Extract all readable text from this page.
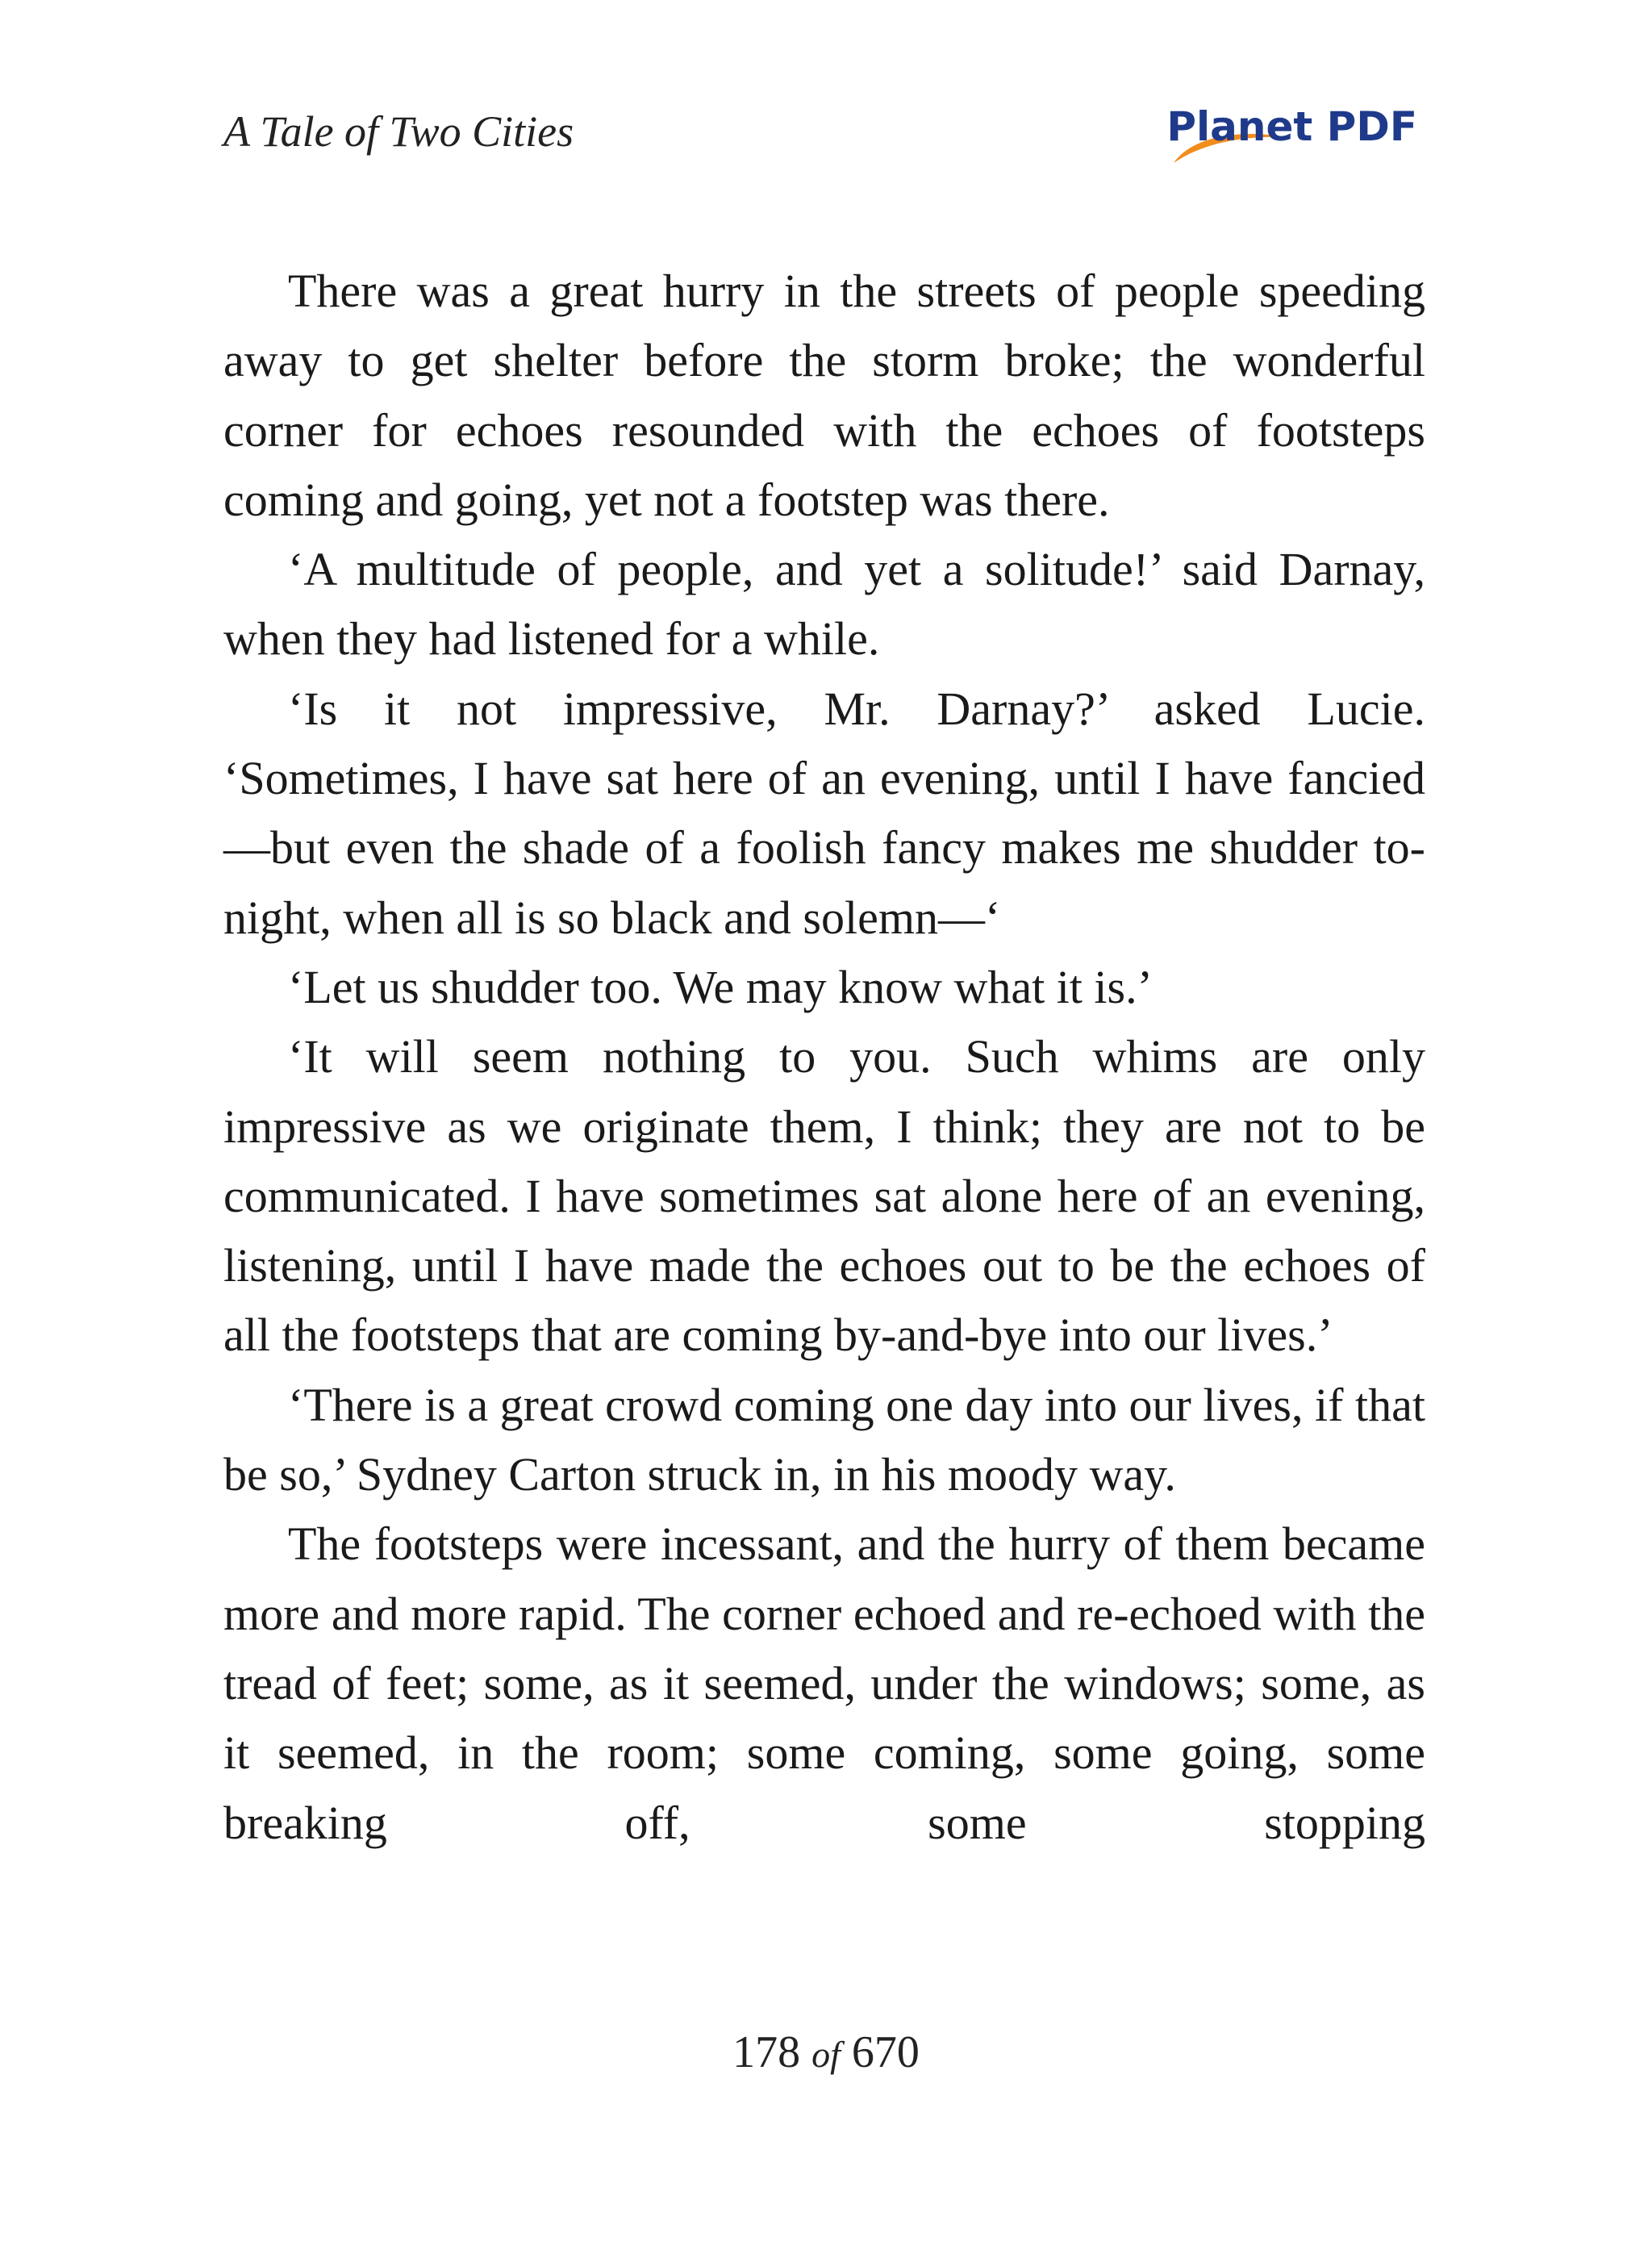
A Tale of Two Cities	Planet PDF

There was a great hurry in the streets of people speeding away to get shelter before the storm broke; the wonderful corner for echoes resounded with the echoes of footsteps coming and going, yet not a footstep was there.

‘A multitude of people, and yet a solitude!’ said Darnay, when they had listened for a while.

‘Is it not impressive, Mr. Darnay?’ asked Lucie. ‘Sometimes, I have sat here of an evening, until I have fancied—but even the shade of a foolish fancy makes me shudder to-night, when all is so black and solemn—‘

‘Let us shudder too. We may know what it is.’

‘It will seem nothing to you. Such whims are only impressive as we originate them, I think; they are not to be communicated. I have sometimes sat alone here of an evening, listening, until I have made the echoes out to be the echoes of all the footsteps that are coming by-and-bye into our lives.’

‘There is a great crowd coming one day into our lives, if that be so,’ Sydney Carton struck in, in his moody way.

The footsteps were incessant, and the hurry of them became more and more rapid. The corner echoed and re-echoed with the tread of feet; some, as it seemed, under the windows; some, as it seemed, in the room; some coming, some going, some breaking off, some stopping

178 of 670
